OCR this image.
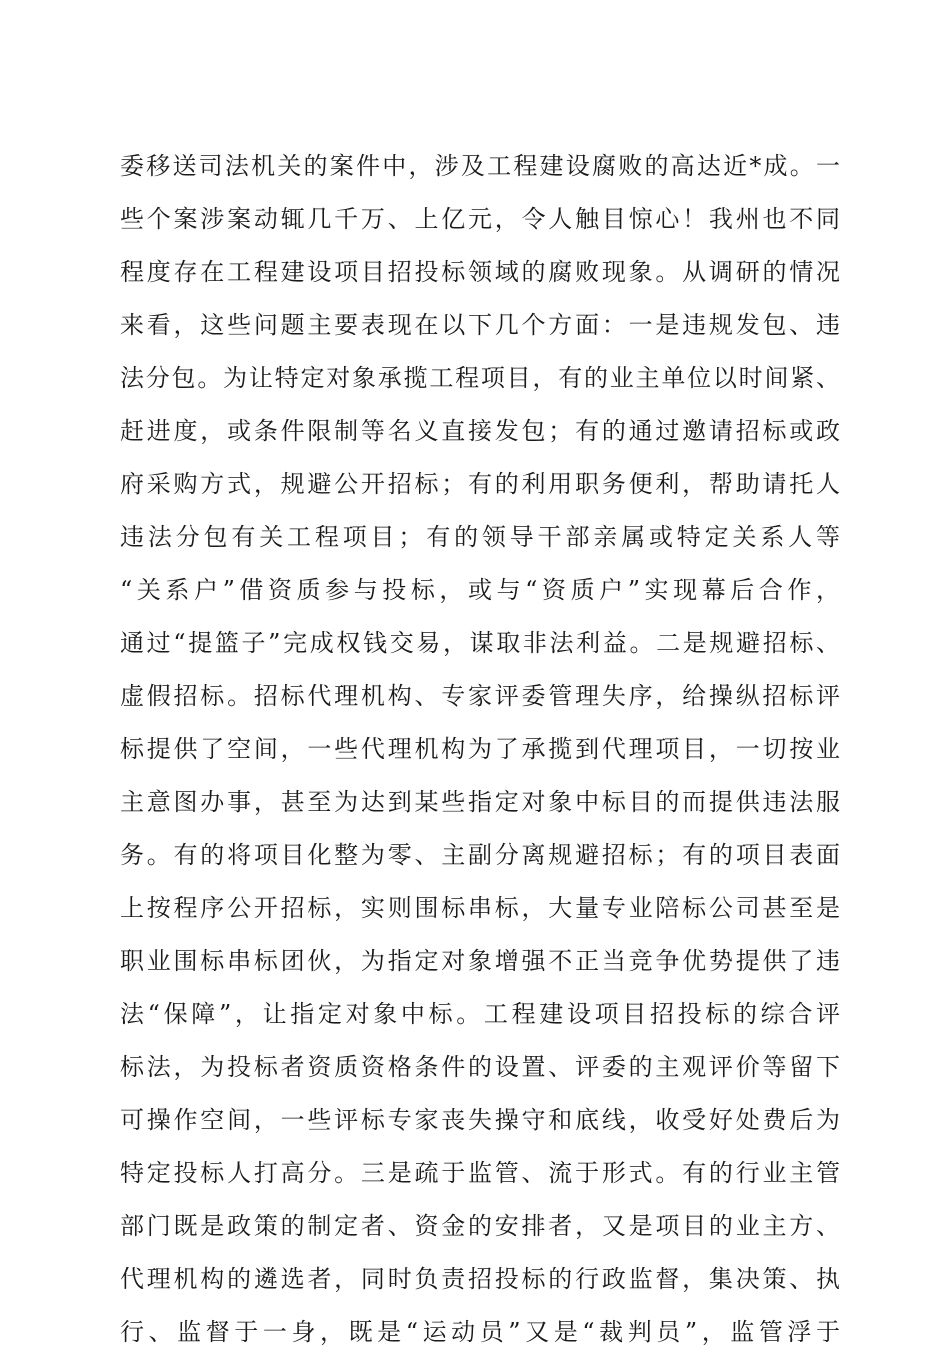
委移送司法机关的案件中，涉及工程建设腐败的高达近*成。一
些个案涉案动辄几千万、上亿元，令人触目惊心！我州也不同
程度存在工程建设项目招投标领域的腐败现象。从调研的情况
来看，这些问题主要表现在以下几个方面：一是违规发包、违
法分包。为让特定对象承揽工程项目，有的业主单位以时间紧、
赶进度，或条件限制等名义直接发包；有的通过邀请招标或政
府采购方式，规避公开招标；有的利用职务便利，帮助请托人
违法分包有关工程项目；有的领导干部亲属或特定关系人等
“关系户”借资质参与投标，或与“资质户”实现幕后合作，
通过“提篮子”完成权钱交易，谋取非法利益。二是规避招标、
虚假招标。招标代理机构、专家评委管理失序，给操纵招标评
标提供了空间，一些代理机构为了承揽到代理项目，一切按业
主意图办事，甚至为达到某些指定对象中标目的而提供违法服
务。有的将项目化整为零、主副分离规避招标；有的项目表面
上按程序公开招标，实则围标串标，大量专业陪标公司甚至是
职业围标串标团伙，为指定对象增强不正当竞争优势提供了违
法“保障”，让指定对象中标。工程建设项目招投标的综合评
标法，为投标者资质资格条件的设置、评委的主观评价等留下
可操作空间，一些评标专家丧失操守和底线，收受好处费后为
特定投标人打高分。三是疏于监管、流于形式。有的行业主管
部门既是政策的制定者、资金的安排者，又是项目的业主方、
代理机构的遴选者，同时负责招投标的行政监督，集决策、执
行、监督于一身，既是“运动员”又是“裁判员”，监管浮于
